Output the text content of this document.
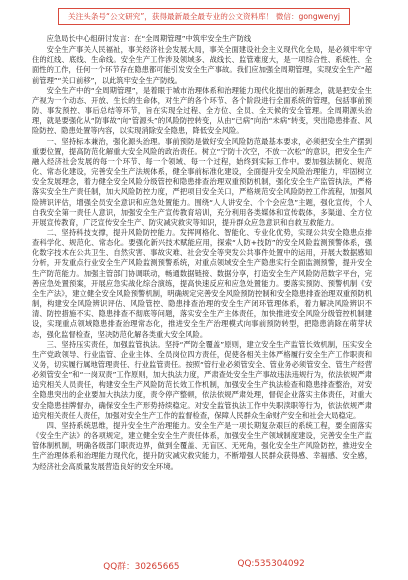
关注头条号“公文研究”，获得最新最全最专业的公文资料库！ 微信：gongwenyj

应急局长中心组研讨发言：在“全周期管理”中筑牢安全生产防线

安全生产事关人民福祉，事关经济社会发展大局，事关全面建设社会主义现代化全局，是必须牢牢守住的红线、底线、生命线。安全生产工作涉及领域多、战线长、监管难度大，是一项综合性、系统性、全面性的工作，任何一个环节存在隐患都可能引发安全生产事故。我们应加强全周期管理，实现安全生产“超前管理”“关口前移”，以此筑牢安全生产防线。

安全生产中的“全周期管理”，是着眼于城市治理体系和治理能力现代化提出的新理念，就是把安全生产视为一个动态、开放、生长的生命体，对生产的各个环节、各个阶段进行全面系统的管理，包括事前预防、事发预控、事后总结等环节，旨在实现全过程、全方位、全员、全天候的安全管理。全周期源头治理，就是要强化从“防事故”向“管源头”的风险防控转变，从由“已病”向治“未病”转变，突出隐患排查、风险防控、隐患处置等内容，以实现消除安全隐患，降低安全风险。

一、坚持标本兼治，强化源头治理。事前预防是做好安全风险防范最基本要求，必须把安全生产摆到重要位置，提高防范化解重大安全风险的政治责任。树立“宁防十次空，不放一次松”的意识，把安全生产融入经济社会发展的每一个环节、每一个领域、每一个过程，始终到实际工作中。要加强法制化、规范化、常态化建设，完善安全生产法规体系，健全事前标准化建设，全面提升安全风险治理能力，牢固树立安全发展理念，着力健全安全风险分级管控和隐患排查治理双重预防机制，强化安全生产监管执法，严格落实安全生产责任制，加大风险防控力度，严把项目安全关口，严格规范安全风险防控工作流程，加强风险辨识评估，增强全员安全意识和应急处置能力。围绕“人人讲安全、个个会应急”主题，强化宣传，个人自我安全第一责任人意识，加强安全生产宣传教育培训，充分利用各类媒体和宣传载体，多渠道、全方位开展宣传教育，广泛宣传安全生产、防灾减灾救灾等知识，提升群众应急意识和自救互救能力。

二、坚持科技支撑，提升风险防控能力。发挥网格化、智能化、专业化优势，实现公共安全隐患点排查科学化、规范化、常态化。要强化新兴技术赋能应用，探索“人防+技防”的安全风险监测预警体系，强化数字技术在公共卫生、自然灾害、事故灾难、社会安全等突发公共事件处置中的运用，开展大数据感知分析，开发重点行业安全生产风险监测预警系统，对重点领域安全生产隐患实行全面监测预警，提升安全生产防范能力。加强主管部门协调联动，畅通数据链接、数据分享，打造安全生产风险防范数字平台，完善应急处置预案，开展应急实战化综合演练，提高快速反应和应急处置能力。要落实预防、预警机制《安全生产法》，建立健全安全风险预警机制，明确规定完善安全风险预防控制和安全隐患排查治理双重预防机制，构建安全风险辨识评估、风险管控、隐患排查治理的安全生产闭环管理体系，着力解决风险辨识不清、防控措施不实、隐患排查不彻底等问题，落实安全生产主体责任，加快推进安全风险分级管控机制建设，实现重点领域隐患排查治理常态化，推进安全生产治理模式向事前预防转型，把隐患消除在萌芽状态，强化监督检查，坚决防范化解各类重大安全风险。

三、坚持压实责任，加强监管执法。坚持“严防全覆盖”原则，建立安全生产监管长效机制，压实安全生产党政领导、行业监管、企业主体、全员岗位四方责任，促使各相关主体严格履行安全生产工作职责和义务，切实履行属地管理责任、行业监管责任。按照“管行业必须管安全、管业务必须管安全、管生产经营必须管安全”和“一岗双责”工作原则，加大执法力度，严肃查处安全生产事故违法违规行为，依法依规严肃追究相关人员责任，构建安全生产风险防范长效工作机制，加强安全生产执法检查和隐患排查整治，对安全隐患突出的企业要加大执法力度，责令停产整顿，依法依规严肃处理，督促企业落实主体责任，对重大安全隐患挂牌督办，确保安全生产形势持续稳定。对安全监管执法工作中失职渎职等行为，依法依规严肃追究相关责任人责任，加强对安全生产工作的监督检查，保障人民群众生命财产安全和社会大局稳定。

四、坚持系统思维，提升安全生产治理能力。安全生产是一项长期复杂艰巨的系统工程，要全面落实《安全生产法》的各项规定，建立健全安全生产责任体系，加强安全生产领域制度建设，完善安全生产监管体制机制，明确各级部门职责边界，做到全覆盖、无盲区、无死角，强化安全生产风险防控，推进安全生产治理体系和治理能力现代化，提升防灾减灾救灾能力，不断增强人民群众获得感、幸福感、安全感，为经济社会高质量发展营造良好的安全环境。

QQ群：30265665	QQ:535304092
